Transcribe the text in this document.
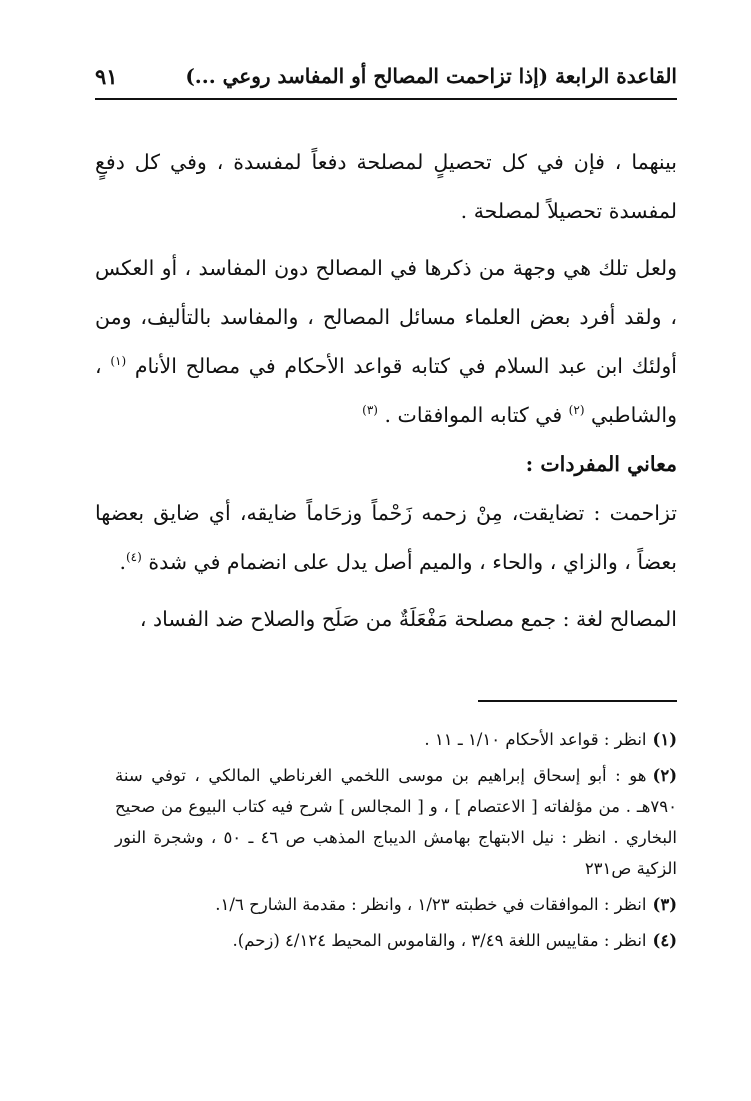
القاعدة الرابعة (إذا تزاحمت المصالح أو المفاسد روعي ...)
٩١

بينهما ، فإن في كل تحصيلٍ لمصلحة دفعاً لمفسدة ، وفي كل دفعٍ لمفسدة تحصيلاً لمصلحة .

ولعل تلك هي وجهة من ذكرها في المصالح دون المفاسد ، أو العكس ، ولقد أفرد بعض العلماء مسائل المصالح ، والمفاسد بالتأليف، ومن أولئك ابن عبد السلام في كتابه قواعد الأحكام في مصالح الأنام $^{(١)}$ ، والشاطبي $^{(٢)}$ في كتابه الموافقات . $^{(٣)}$

معاني المفردات :

تزاحمت : تضايقت، مِنْ زحمه زَحْماً وزحَاماً ضايقه، أي ضايق بعضها بعضاً ، والزاي ، والحاء ، والميم أصل يدل على انضمام في شدة $^{(٤)}$.

المصالح لغة : جمع مصلحة مَفْعَلَةٌ من صَلَح والصلاح ضد الفساد ،

(١)انظر : قواعد الأحكام ١/١٠ ـ ١١ .

(٢)هو : أبو إسحاق إبراهيم بن موسى اللخمي الغرناطي المالكي ، توفي سنة ٧٩٠هـ . من مؤلفاته [ الاعتصام ] ، و [ المجالس ] شرح فيه كتاب البيوع من صحيح البخاري . انظر : نيل الابتهاج بهامش الديباج المذهب ص ٤٦ ـ ٥٠ ، وشجرة النور الزكية ص٢٣١

(٣)انظر : الموافقات في خطبته ١/٢٣ ، وانظر : مقدمة الشارح ١/٦.

(٤)انظر : مقاييس اللغة ٣/٤٩ ، والقاموس المحيط ٤/١٢٤ (زحم).
